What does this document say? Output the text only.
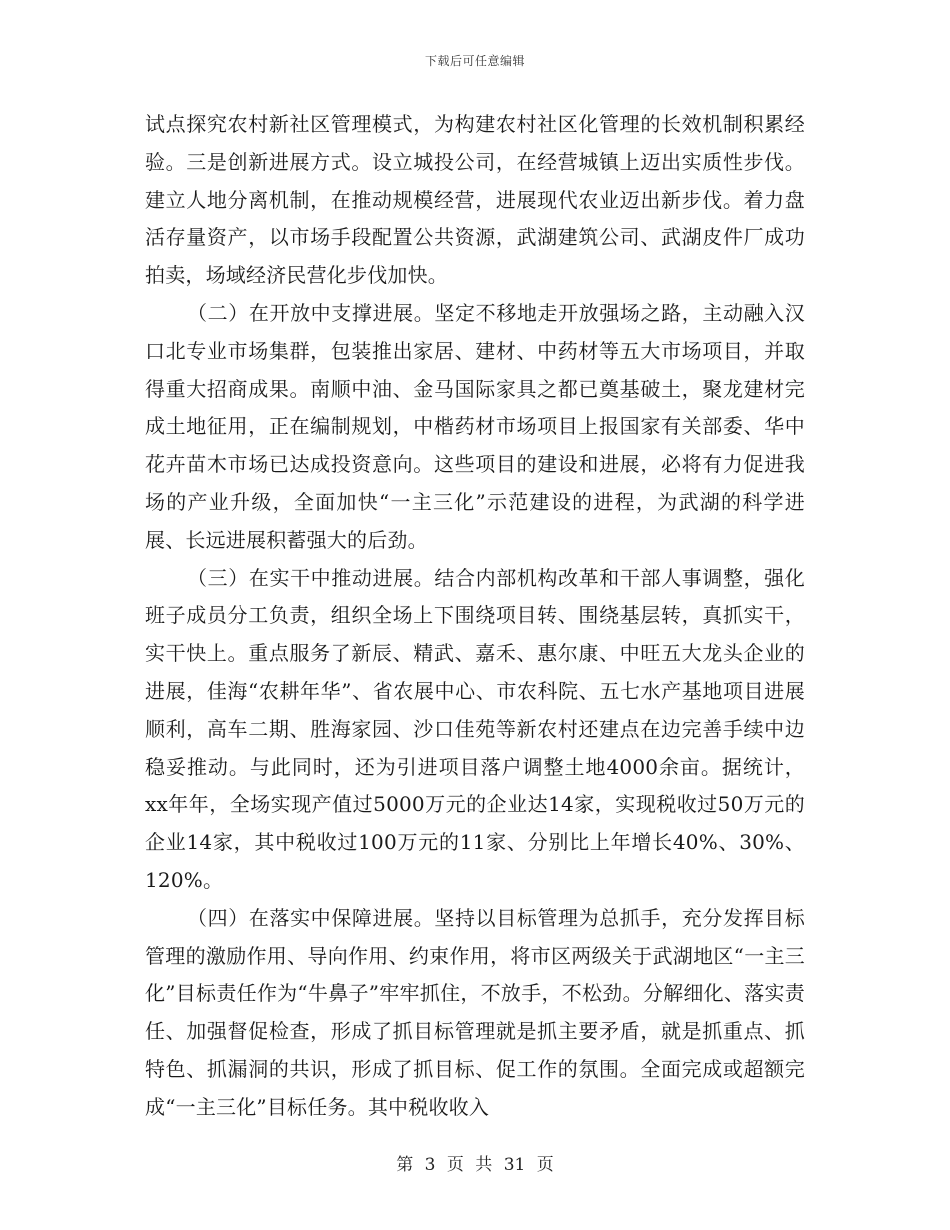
下载后可任意编辑

试点探究农村新社区管理模式，为构建农村社区化管理的长效机制积累经验。三是创新进展方式。设立城投公司，在经营城镇上迈出实质性步伐。建立人地分离机制，在推动规模经营，进展现代农业迈出新步伐。着力盘活存量资产，以市场手段配置公共资源，武湖建筑公司、武湖皮件厂成功拍卖，场域经济民营化步伐加快。

（二）在开放中支撑进展。坚定不移地走开放强场之路，主动融入汉口北专业市场集群，包装推出家居、建材、中药材等五大市场项目，并取得重大招商成果。南顺中油、金马国际家具之都已奠基破土，聚龙建材完成土地征用，正在编制规划，中楷药材市场项目上报国家有关部委、华中花卉苗木市场已达成投资意向。这些项目的建设和进展，必将有力促进我场的产业升级，全面加快“一主三化”示范建设的进程，为武湖的科学进展、长远进展积蓄强大的后劲。

（三）在实干中推动进展。结合内部机构改革和干部人事调整，强化班子成员分工负责，组织全场上下围绕项目转、围绕基层转，真抓实干，实干快上。重点服务了新辰、精武、嘉禾、惠尔康、中旺五大龙头企业的进展，佳海“农耕年华”、省农展中心、市农科院、五七水产基地项目进展顺利，高车二期、胜海家园、沙口佳苑等新农村还建点在边完善手续中边稳妥推动。与此同时，还为引进项目落户调整土地4000余亩。据统计，xx年年，全场实现产值过5000万元的企业达14家，实现税收过50万元的企业14家，其中税收过100万元的11家、分别比上年增长40%、30%、120%。

（四）在落实中保障进展。坚持以目标管理为总抓手，充分发挥目标管理的激励作用、导向作用、约束作用，将市区两级关于武湖地区“一主三化”目标责任作为“牛鼻子”牢牢抓住，不放手，不松劲。分解细化、落实责任、加强督促检查，形成了抓目标管理就是抓主要矛盾，就是抓重点、抓特色、抓漏洞的共识，形成了抓目标、促工作的氛围。全面完成或超额完成“一主三化”目标任务。其中税收收入

第 3 页 共 31 页
